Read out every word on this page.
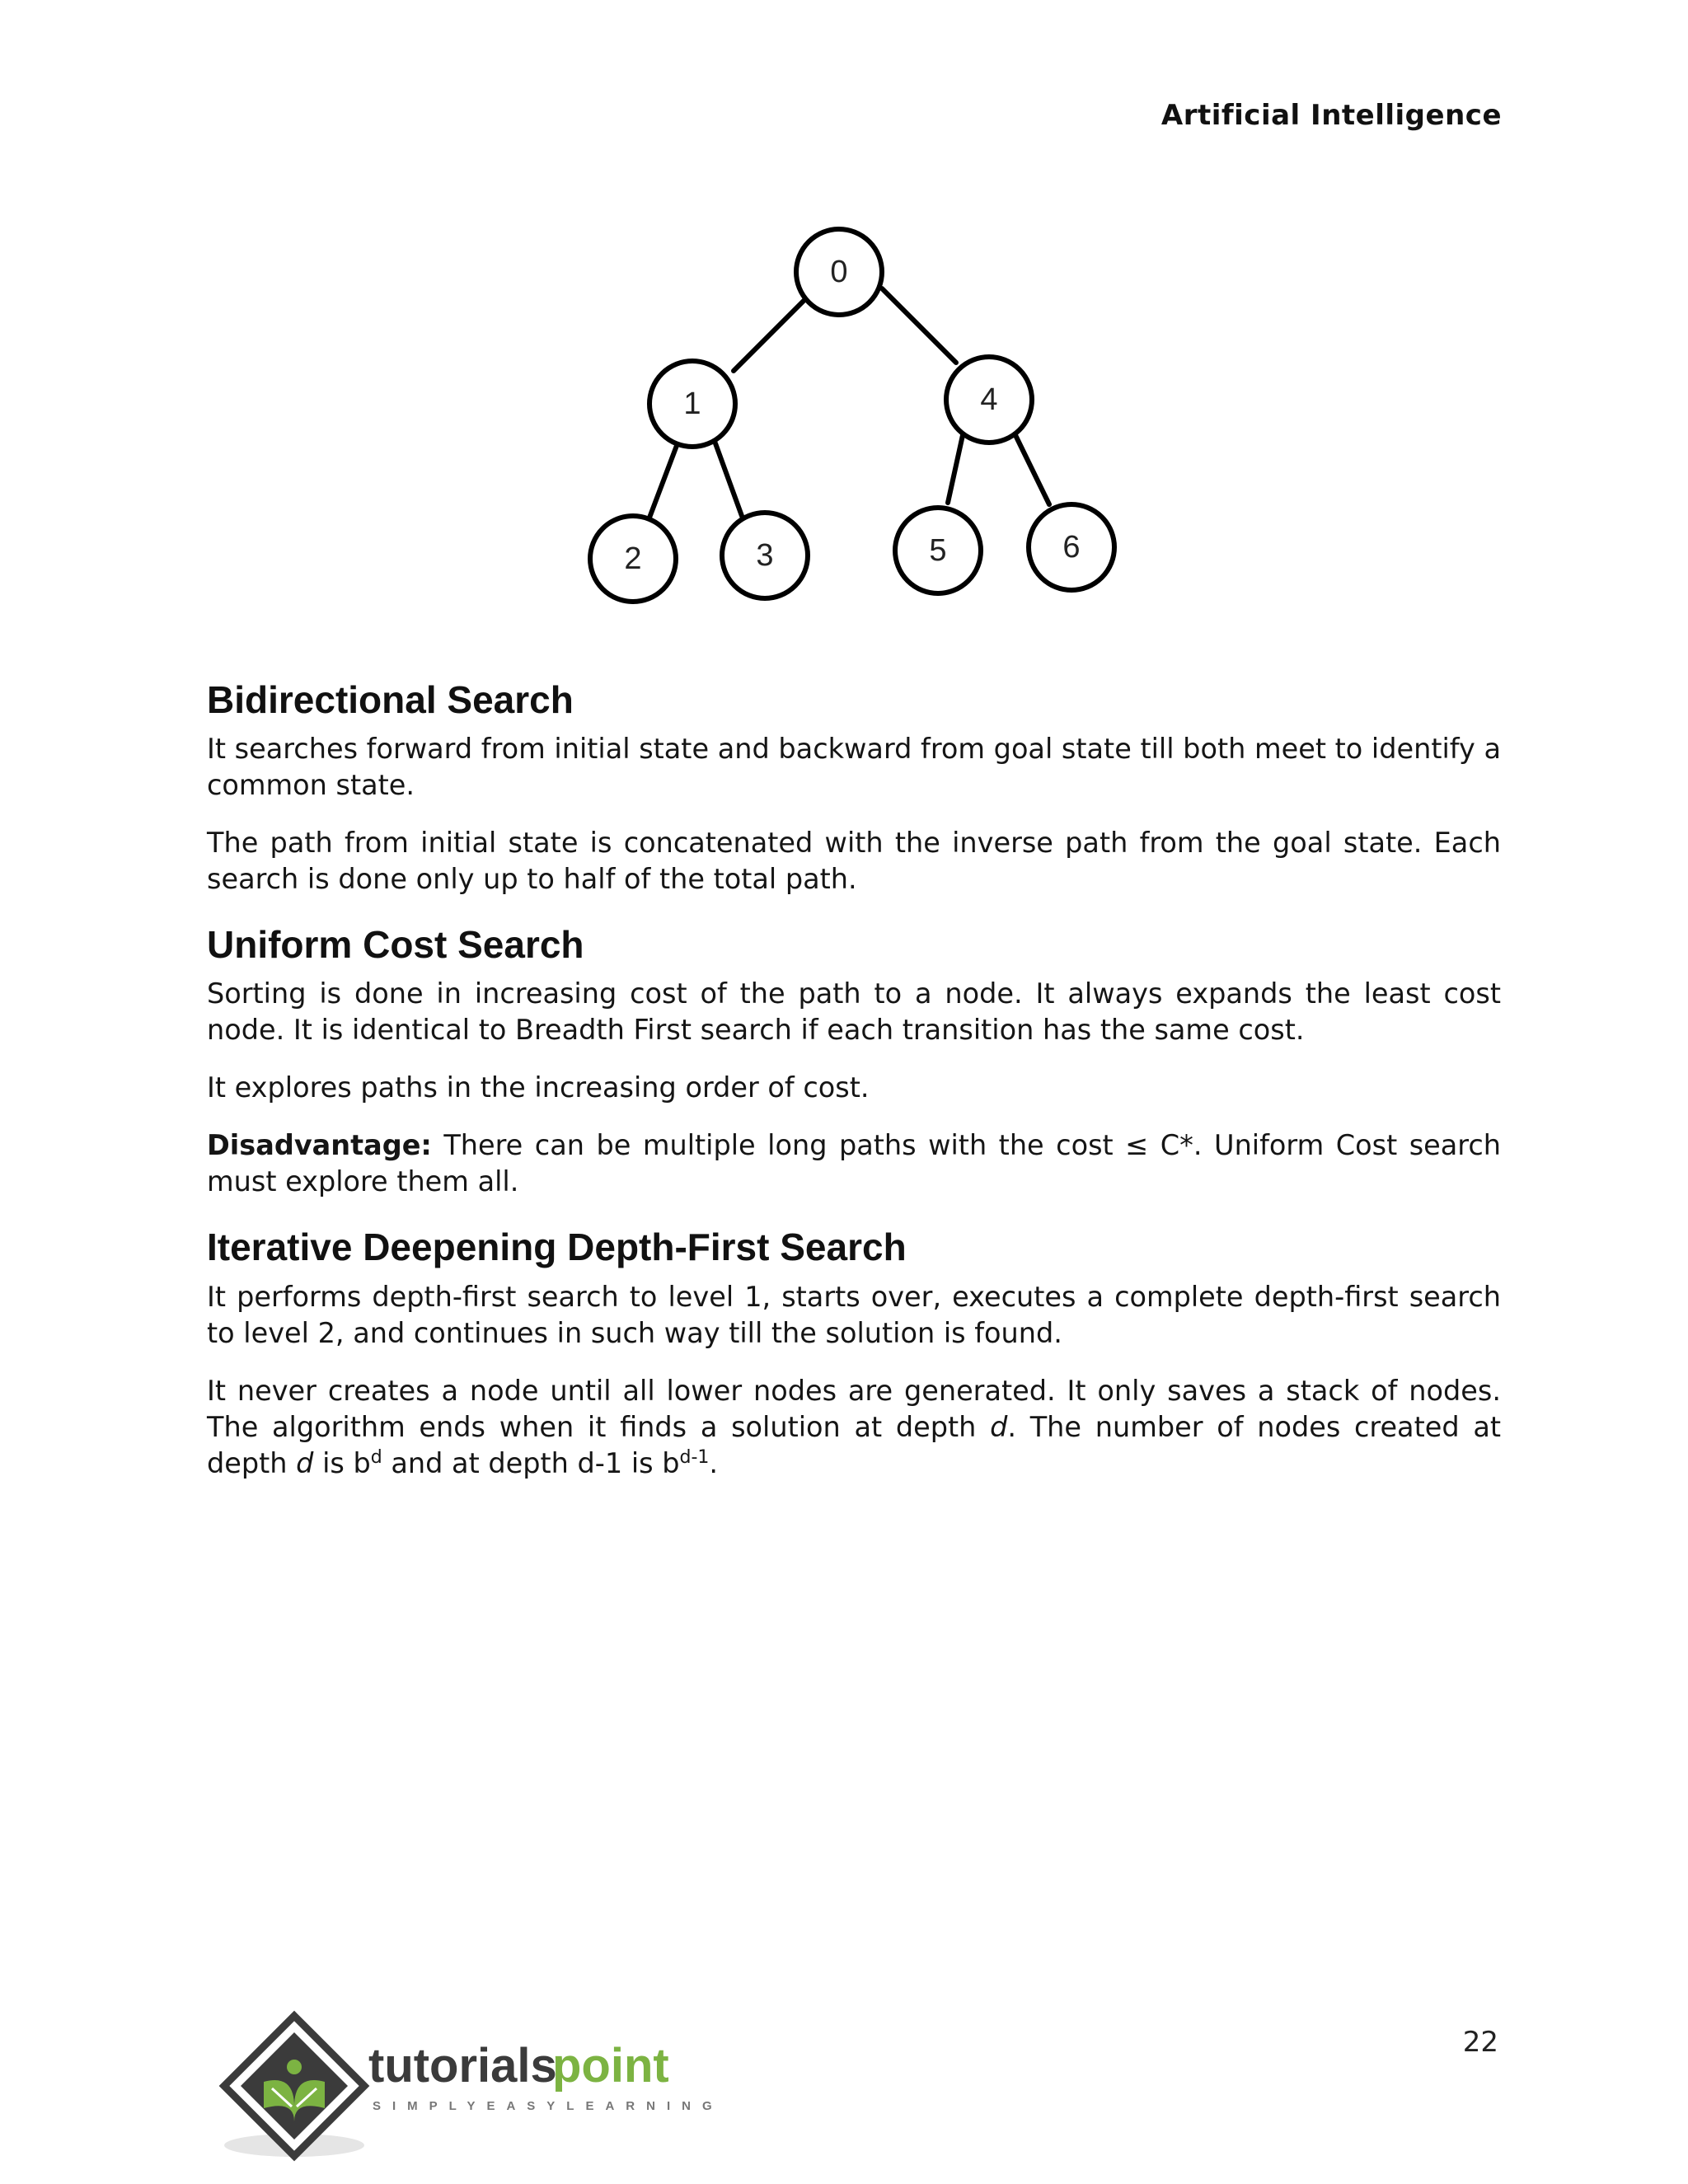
Artificial Intelligence
0
1	4
2	3	5	6
Bidirectional Search

It searches forward from initial state and backward from goal state till both meet to identify a common state.

The path from initial state is concatenated with the inverse path from the goal state. Each search is done only up to half of the total path.

Uniform Cost Search

Sorting is done in increasing cost of the path to a node. It always expands the least cost node. It is identical to Breadth First search if each transition has the same cost.

It explores paths in the increasing order of cost.

Disadvantage: There can be multiple long paths with the cost ≤ C*. Uniform Cost search must explore them all.

Iterative Deepening Depth-First Search

It performs depth-first search to level 1, starts over, executes a complete depth-first search to level 2, and continues in such way till the solution is found.

It never creates a node until all lower nodes are generated. It only saves a stack of nodes. The algorithm ends when it finds a solution at depth d. The number of nodes created at depth d is $b^d$ and at depth d-1 is $b^{d-1}$.

tutorials
point
SIMPLYEASYLEARNING
22
